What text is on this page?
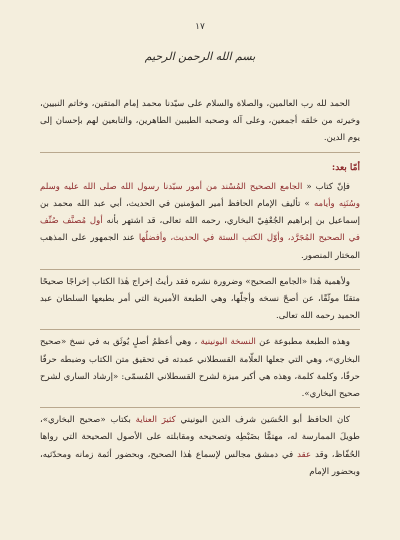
١٧
بسم الله الرحمن الرحيم

الحمد لله رب العالمين، والصلاة والسلام على سيّدنا محمد إمام المتقين، وخاتم النبيين، وخيرته من خلقه أجمعين، وعلى آله وصحبه الطيبين الطاهرين، والتابعين لهم بإحسان إلى يوم الدين.

أمّا بعد:

فإنّ كتاب « الجامع الصحيح المُسْند من أمور سيّدنا رسول الله صلى الله عليه وسلم وسُنَنِه وأيامه » تأليف الإمام الحافظ أمير المؤمنين في الحديث، أبي عبد الله محمد بن إسماعيل بن إبراهيم الجُعْفِيّ البخاري، رحمه الله تعالى، قد اشتهر بأنه أول مُصنَّف صُنِّف في الصحيح المُجَرَّد، وأوّل الكتب الستة في الحديث، وأفضلُها عند الجمهور على المذهب المختار المنصور.

ولأهمية هٰذا «الجامع الصحيح» وضرورة نشره فقد رأيتُ إخراج هٰذا الكتاب إخراجًا صحيحًا متقنًا موثّقًا، عن أصحّ نسخه وأجلّها، وهي الطبعة الأميرية التي أمر بطبعها السلطان عبد الحميد رحمه الله تعالى.

وهذه الطبعة مطبوعة عن النسخة اليونينية ، وهي أعظمُ أصلٍ يُوثَق به في نسخ «صحيح البخاري»، وهي التي جعلها العلّامة القسطلاني عمدته في تحقيق متن الكتاب وضبطه حرفًا حرفًا، وكلمة كلمة، وهذه هي أكبر ميزة لشرح القسطلاني المُسمّى: «إرشاد الساري لشرح صحيح البخاري».

كان الحافظ أبو الحُسَين شرف الدين اليونيني كثيرَ العناية بكتاب «صحيح البخاري»، طويلَ الممارسة له، مهتمًّا بضَبْطِه وتصحيحه ومقابلته على الأصول الصحيحة التي رواها الحُفّاظ، وقد عقد في دمشق مجالس لإسماع هٰذا الصحيح، وبحضور أئمة زمانه ومحدّثيه، وبحضور الإمام
